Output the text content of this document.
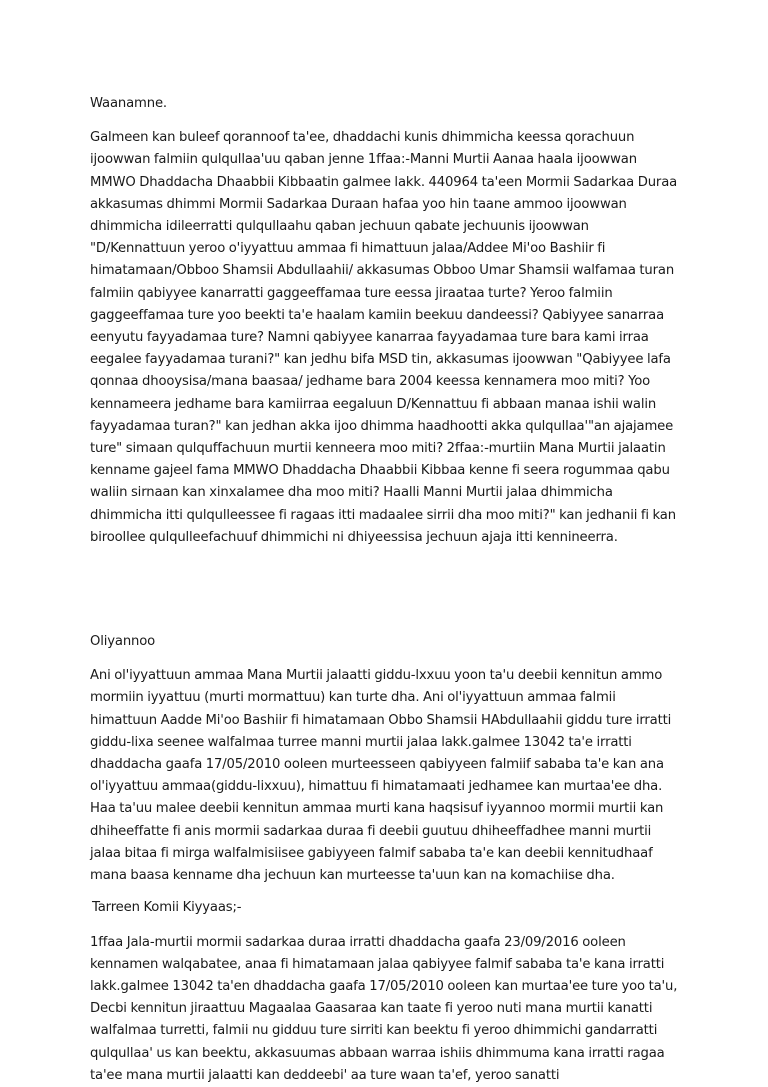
Waanamne.

Galmeen kan buleef qorannoof ta'ee, dhaddachi kunis dhimmicha keessa qorachuun ijoowwan falmiin qulqullaa'uu qaban jenne 1ffaa:-Manni Murtii Aanaa haala ijoowwan MMWO Dhaddacha Dhaabbii Kibbaatin galmee lakk. 440964 ta'een Mormii Sadarkaa Duraa akkasumas dhimmi Mormii Sadarkaa Duraan hafaa yoo hin taane ammoo ijoowwan dhimmicha idileerratti qulqullaahu qaban jechuun qabate jechuunis ijoowwan "D/Kennattuun yeroo o'iyyattuu ammaa fi himattuun jalaa/Addee Mi'oo Bashiir fi himatamaan/Obboo Shamsii Abdullaahii/ akkasumas Obboo Umar Shamsii walfamaa turan falmiin qabiyyee kanarratti gaggeeffamaa ture eessa jiraataa turte? Yeroo falmiin gaggeeffamaa ture yoo beekti ta'e haalam kamiin beekuu dandeessi? Qabiyyee sanarraa eenyutu fayyadamaa ture? Namni qabiyyee kanarraa fayyadamaa ture bara kami irraa eegalee fayyadamaa turani?" kan jedhu bifa MSD tin, akkasumas ijoowwan "Qabiyyee lafa qonnaa dhooysisa/mana baasaa/ jedhame bara 2004 keessa kennamera moo miti? Yoo kennameera jedhame bara kamiirraa eegaluun D/Kennattuu fi abbaan manaa ishii walin fayyadamaa turan?" kan jedhan akka ijoo dhimma haadhootti akka qulqullaa'"an ajajamee ture" simaan qulquffachuun murtii kenneera moo miti? 2ffaa:-murtiin Mana Murtii jalaatin kenname gajeel fama MMWO Dhaddacha Dhaabbii Kibbaa kenne fi seera rogummaa qabu waliin sirnaan kan xinxalamee dha moo miti? Haalli Manni Murtii jalaa dhimmicha dhimmicha itti qulqulleessee fi ragaas itti madaalee sirrii dha moo miti?" kan jedhanii fi kan biroollee qulqulleefachuuf dhimmichi ni dhiyeessisa jechuun ajaja itti kennineerra.

Oliyannoo

Ani ol'iyyattuun ammaa Mana Murtii jalaatti giddu-lxxuu yoon ta'u deebii kennitun ammo mormiin iyyattuu (murti mormattuu) kan turte dha. Ani ol'iyyattuun ammaa falmii himattuun Aadde Mi'oo Bashiir fi himatamaan Obbo Shamsii HAbdullaahii giddu ture irratti giddu-lixa seenee walfalmaa turree manni murtii jalaa lakk.galmee 13042 ta'e irratti dhaddacha gaafa 17/05/2010 ooleen murteesseen qabiyyeen falmiif sababa ta'e kan ana ol'iyyattuu ammaa(giddu-lixxuu), himattuu fi himatamaati jedhamee kan murtaa'ee dha. Haa ta'uu malee deebii kennitun ammaa murti kana haqsisuf iyyannoo mormii murtii kan dhiheeffatte fi anis mormii sadarkaa duraa fi deebii guutuu dhiheeffadhee manni murtii jalaa bitaa fi mirga walfalmisiisee gabiyyeen falmif sababa ta'e kan deebii kennitudhaaf mana baasa kenname dha jechuun kan murteesse ta'uun kan na komachiise dha.

Tarreen Komii Kiyyaas;-

1ffaa Jala-murtii mormii sadarkaa duraa irratti dhaddacha gaafa 23/09/2016 ooleen kennamen walqabatee, anaa fi himatamaan jalaa qabiyyee falmif sababa ta'e kana irratti lakk.galmee 13042 ta'en dhaddacha gaafa 17/05/2010 ooleen kan murtaa'ee ture yoo ta'u, Decbi kennitun jiraattuu Magaalaa Gaasaraa kan taate fi yeroo nuti mana murtii kanatti walfalmaa turretti, falmii nu gidduu ture sirriti kan beektu fi yeroo dhimmichi gandarratti qulqullaa' us kan beektu, akkasuumas abbaan warraa ishiis dhimmuma kana irratti ragaa ta'ee mana murtii jalaatti kan deddeebi' aa ture waan ta'ef, yeroo sanatti
